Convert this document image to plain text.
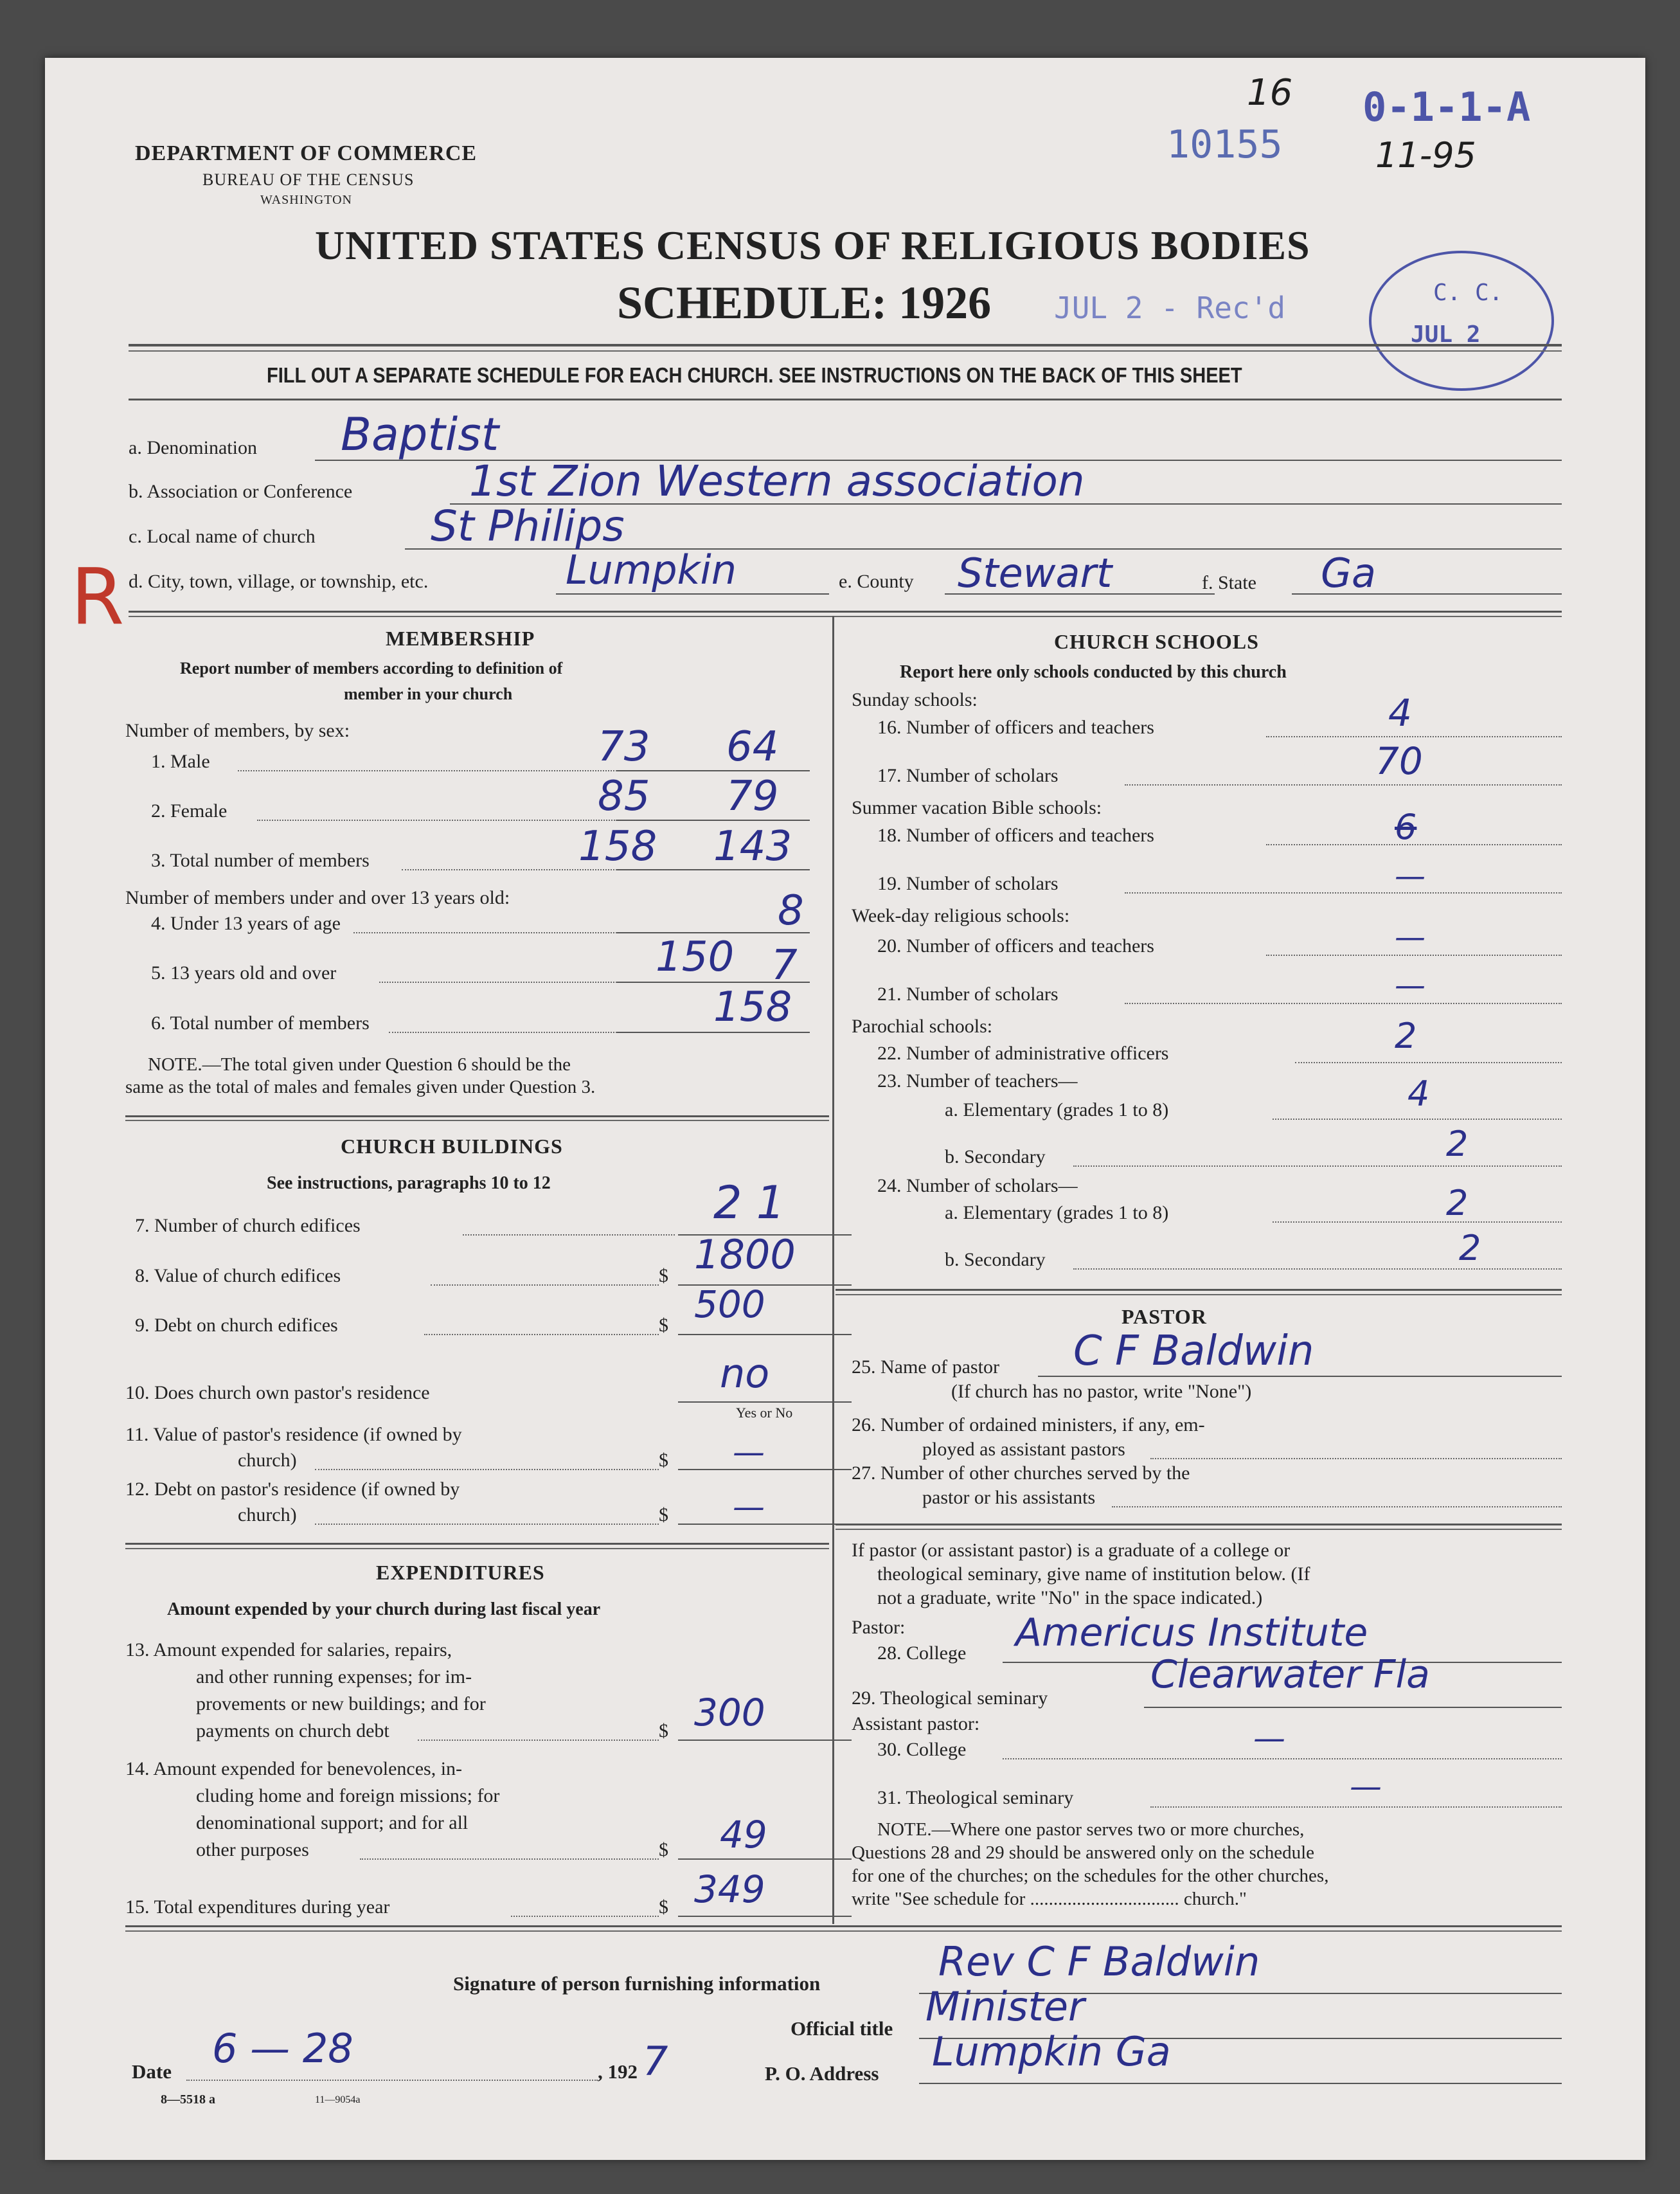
16 0-1-1-A
10155	11-95
C. C.
JUL 2
DEPARTMENT OF COMMERCE
BUREAU OF THE CENSUS
WASHINGTON
UNITED STATES CENSUS OF RELIGIOUS BODIES
SCHEDULE: 1926 JUL 2 - Rec'd
FILL OUT A SEPARATE SCHEDULE FOR EACH CHURCH. SEE INSTRUCTIONS ON THE BACK OF THIS SHEET
R
a. Denomination Baptist
b. Association or Conference	1st Zion Western association
c. Local name of church	St Philips
d. City, town, village, or township, etc.	Lumpkin	e. County Stewart	f. State Ga
MEMBERSHIP
Report number of members according to definition of
member in your church
Number of members, by sex:
1. Male	73 64
2. Female	85 79
3. Total number of members	158 143
Number of members under and over 13 years old:
4. Under 13 years of age	8
5. 13 years old and over	150 7
6. Total number of members	158
NOTE.—The total given under Question 6 should be the
same as the total of males and females given under Question 3.
CHURCH BUILDINGS
See instructions, paragraphs 10 to 12
7. Number of church edifices	2 1
8. Value of church edifices	$ 1800
9. Debt on church edifices	$ 500
10. Does church own pastor's residence	no
Yes or No
11. Value of pastor's residence (if owned by
church)	$ —
12. Debt on pastor's residence (if owned by
church)	$ —
EXPENDITURES
Amount expended by your church during last fiscal year
13. Amount expended for salaries, repairs,
and other running expenses; for im-
provements or new buildings; and for
payments on church debt	$ 300
14. Amount expended for benevolences, in-
cluding home and foreign missions; for
denominational support; and for all
other purposes	$ 49
15. Total expenditures during year	$ 349
CHURCH SCHOOLS
Report here only schools conducted by this church
Sunday schools:
16. Number of officers and teachers	4
17. Number of scholars	70
Summer vacation Bible schools:
18. Number of officers and teachers	6
19. Number of scholars	—
Week-day religious schools:
20. Number of officers and teachers	—
21. Number of scholars	—
Parochial schools:
22. Number of administrative officers	2
23. Number of teachers—
a. Elementary (grades 1 to 8)	4
b. Secondary	2
24. Number of scholars—
a. Elementary (grades 1 to 8)	2
b. Secondary	2
PASTOR
25. Name of pastor C F Baldwin
(If church has no pastor, write "None")
26. Number of ordained ministers, if any, em-
ployed as assistant pastors
27. Number of other churches served by the
pastor or his assistants
If pastor (or assistant pastor) is a graduate of a college or
theological seminary, give name of institution below. (If
not a graduate, write "No" in the space indicated.)
Pastor:
28. College Americus Institute
29. Theological seminary
Clearwater Fla
Assistant pastor:
30. College	—
31. Theological seminary	—
NOTE.—Where one pastor serves two or more churches,
Questions 28 and 29 should be answered only on the schedule
for one of the churches; on the schedules for the other churches,
write "See schedule for ................................ church."
Signature of person furnishing information	Rev C F Baldwin
Official title Minister
Date 6 — 28	, 192 7	P. O. Address Lumpkin Ga
8—5518 a	11—9054a
